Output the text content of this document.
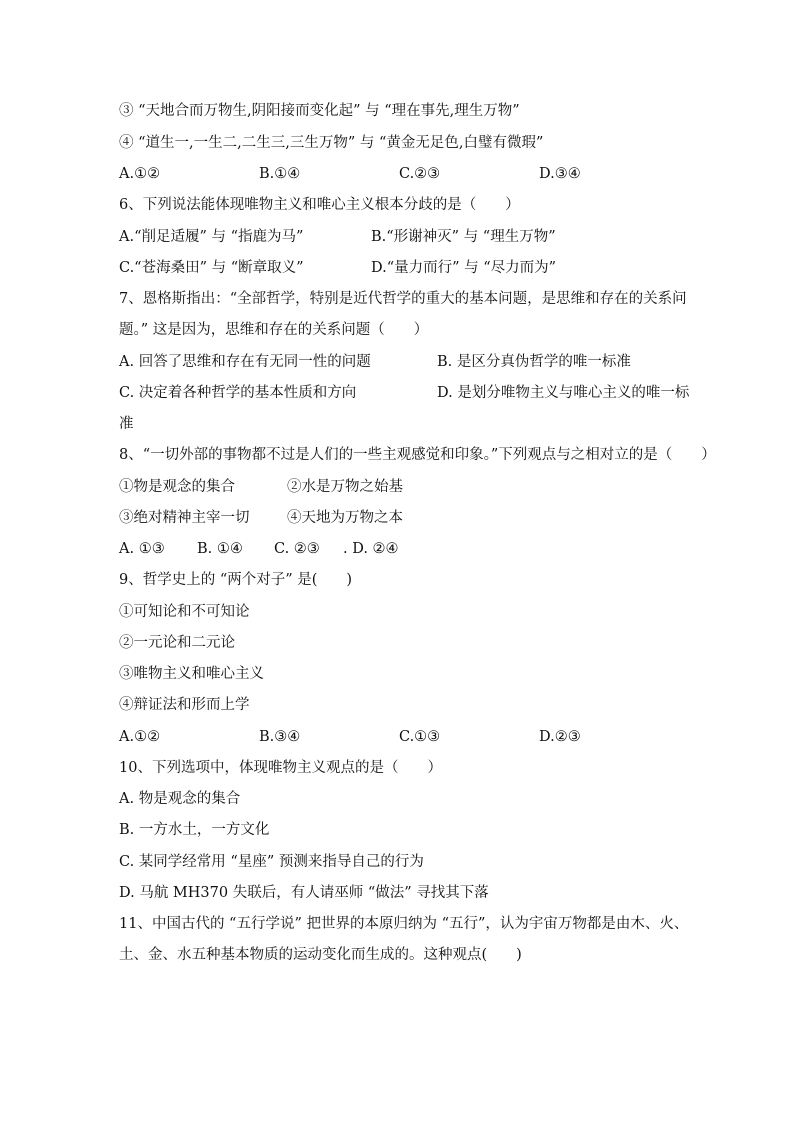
③ “天地合而万物生,阴阳接而变化起” 与 “理在事先,理生万物”
④ “道生一,一生二,二生三,三生万物” 与 “黄金无足色,白璧有微瑕”
A.①②	B.①④	C.②③	D.③④
6、下列说法能体现唯物主义和唯心主义根本分歧的是（　　）
A.“削足适履” 与 “指鹿为马”	B.“形谢神灭” 与 “理生万物”
C.“苍海桑田” 与 “断章取义”	D.“量力而行” 与 “尽力而为”
7、恩格斯指出：“全部哲学，特别是近代哲学的重大的基本问题，是思维和存在的关系问
题。” 这是因为，思维和存在的关系问题（　　）
A. 回答了思维和存在有无同一性的问题	B. 是区分真伪哲学的唯一标准
C. 决定着各种哲学的基本性质和方向	D. 是划分唯物主义与唯心主义的唯一标
准
8、“一切外部的事物都不过是人们的一些主观感觉和印象。”下列观点与之相对立的是（　　）
①物是观念的集合	②水是万物之始基
③绝对精神主宰一切	④天地为万物之本
A. ①③ B. ①④ C. ②③ . D. ②④
9、哲学史上的 “两个对子” 是(　　)
①可知论和不可知论
②一元论和二元论
③唯物主义和唯心主义
④辩证法和形而上学
A.①②	B.③④	C.①③	D.②③
10、下列选项中，体现唯物主义观点的是（　　）
A. 物是观念的集合
B. 一方水土，一方文化
C. 某同学经常用 “星座” 预测来指导自己的行为
D. 马航 MH370 失联后，有人请巫师 “做法” 寻找其下落
11、中国古代的 “五行学说” 把世界的本原归纳为 “五行”，认为宇宙万物都是由木、火、
土、金、水五种基本物质的运动变化而生成的。这种观点(　　)
